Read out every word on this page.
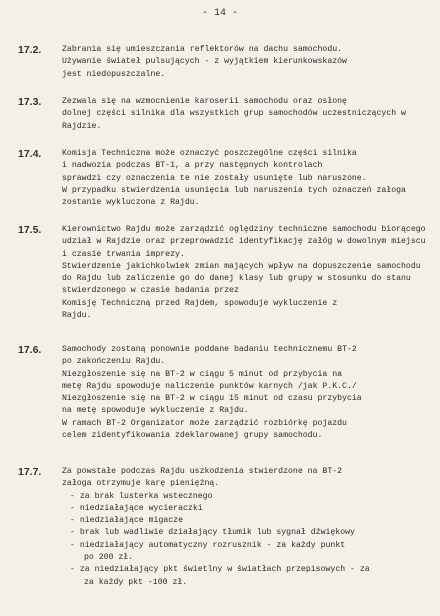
- 14 -
17.2.	Zabrania się umieszczania reflektorów na dachu samochodu.
Używanie świateł pulsujących - z wyjątkiem kierunkowskazów
jest niedopuszczalne.
17.3.	Zezwala się na wzmocnienie karoserii samochodu oraz osłonę
dolnej części silnika dla wszystkich grup samochodów uczestniczących w Rajdzie.
17.4.	Komisja Techniczna może oznaczyć poszczególne części silnika
i nadwozia podczas BT-1, a przy następnych kontrolach
sprawdzi czy oznaczenia te nie zostały usunięte lub naruszone.
W przypadku stwierdzenia usunięcia lub naruszenia tych oznaczeń załoga zostanie wykluczona z Rajdu.
17.5.	Kierownictwo Rajdu może zarządzić oględziny techniczne samochodu biorącego udział w Rajdzie oraz przeprowadzić identyfikację załóg w dowolnym miejscu i czasie trwania imprezy.
Stwierdzenie jakichkolwiek zmian mających wpływ na dopuszczenie samochodu do Rajdu lub zaliczenie go do danej klasy lub grupy w stosunku do stanu stwierdzonego w czasie badania przez
Komisję Techniczną przed Rajdem, spowoduje wykluczenie z
Rajdu.
17.6.	Samochody zostaną ponownie poddane badaniu technicznemu BT-2
po zakończeniu Rajdu.
Niezgłoszenie się na BT-2 w ciągu 5 minut od przybycia na
metę Rajdu spowoduje naliczenie punktów karnych /jak P.K.C./
Niezgłoszenie się na BT-2 w ciągu 15 minut od czasu przybycia
na metę spowoduje wykluczenie z Rajdu.
W ramach BT-2 Organizator może zarządzić rozbiórkę pojazdu
celem zidentyfikowania zdeklarowanej grupy samochodu.
17.7.	Za powstałe podczas Rajdu uszkodzenia stwierdzone na BT-2
załoga otrzymuje karę pieniężną.
- za brak lusterka wstecznego
- niedziałające wycieraczki
- niedziałające migacze
- brak lub wadliwie działający tłumik lub sygnał dźwiękowy
- niedziałający automatyczny rozrusznik - za każdy punkt
po 200 zł.
- za niedziałający pkt świetlny w światłach przepisowych - za
za każdy pkt -100 zł.
